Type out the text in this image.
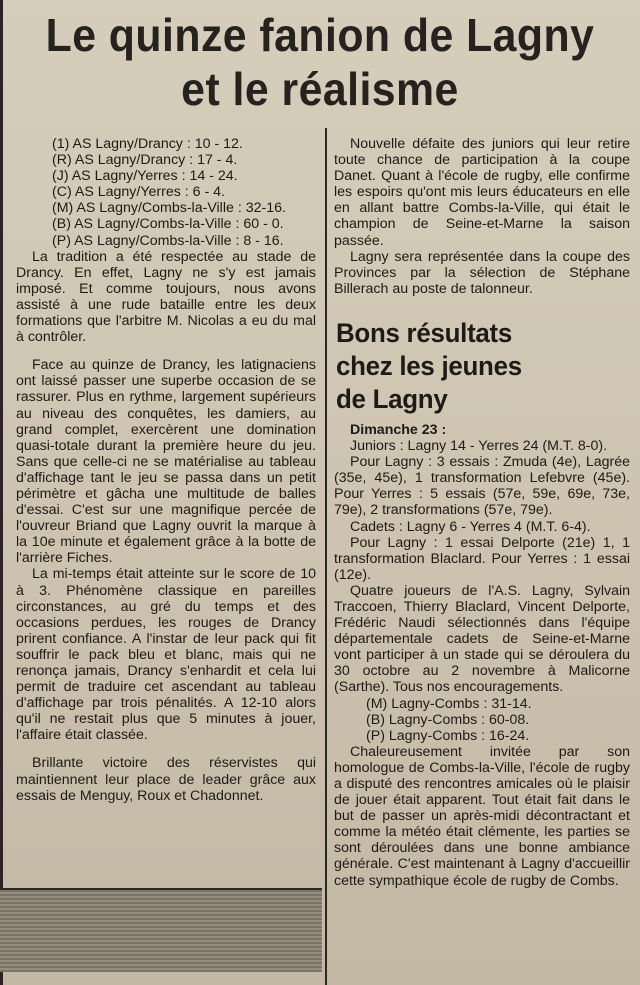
Le quinze fanion de Lagny
et le réalisme
(1) AS Lagny/Drancy : 10 - 12.
(R) AS Lagny/Drancy : 17 - 4.
(J) AS Lagny/Yerres : 14 - 24.
(C) AS Lagny/Yerres : 6 - 4.
(M) AS Lagny/Combs-la-Ville : 32-16.
(B) AS Lagny/Combs-la-Ville : 60 - 0.
(P) AS Lagny/Combs-la-Ville : 8 - 16.

La tradition a été respectée au stade de Drancy. En effet, Lagny ne s'y est jamais imposé. Et comme toujours, nous avons assisté à une rude bataille entre les deux formations que l'arbitre M. Nicolas a eu du mal à contrôler.

Face au quinze de Drancy, les latignaciens ont laissé passer une superbe occasion de se rassurer. Plus en rythme, largement supérieurs au niveau des conquêtes, les damiers, au grand complet, exercèrent une domination quasi-totale durant la première heure du jeu. Sans que celle-ci ne se matérialise au tableau d'affichage tant le jeu se passa dans un petit périmètre et gâcha une multitude de balles d'essai. C'est sur une magnifique percée de l'ouvreur Briand que Lagny ouvrit la marque à la 10e minute et également grâce à la botte de l'arrière Fiches.

La mi-temps était atteinte sur le score de 10 à 3. Phénomène classique en pareilles circonstances, au gré du temps et des occasions perdues, les rouges de Drancy prirent confiance. A l'instar de leur pack qui fit souffrir le pack bleu et blanc, mais qui ne renonça jamais, Drancy s'enhardit et cela lui permit de traduire cet ascendant au tableau d'affichage par trois pénalités. A 12-10 alors qu'il ne restait plus que 5 minutes à jouer, l'affaire était classée.

Brillante victoire des réservistes qui maintiennent leur place de leader grâce aux essais de Menguy, Roux et Chadonnet.

Nouvelle défaite des juniors qui leur retire toute chance de participation à la coupe Danet. Quant à l'école de rugby, elle confirme les espoirs qu'ont mis leurs éducateurs en elle en allant battre Combs-la-Ville, qui était le champion de Seine-et-Marne la saison passée.

Lagny sera représentée dans la coupe des Provinces par la sélection de Stéphane Billerach au poste de talonneur.

Bons résultats
chez les jeunes
de Lagny

Dimanche 23 :

Juniors : Lagny 14 - Yerres 24 (M.T. 8-0).

Pour Lagny : 3 essais : Zmuda (4e), Lagrée (35e, 45e), 1 transformation Lefebvre (45e). Pour Yerres : 5 essais (57e, 59e, 69e, 73e, 79e), 2 transformations (57e, 79e).

Cadets : Lagny 6 - Yerres 4 (M.T. 6-4).

Pour Lagny : 1 essai Delporte (21e) 1, 1 transformation Blaclard. Pour Yerres : 1 essai (12e).

Quatre joueurs de l'A.S. Lagny, Sylvain Traccoen, Thierry Blaclard, Vincent Delporte, Frédéric Naudi sélectionnés dans l'équipe départementale cadets de Seine-et-Marne vont participer à un stade qui se déroulera du 30 octobre au 2 novembre à Malicorne (Sarthe). Tous nos encouragements.

(M) Lagny-Combs : 31-14.
(B) Lagny-Combs : 60-08.
(P) Lagny-Combs : 16-24.

Chaleureusement invitée par son homologue de Combs-la-Ville, l'école de rugby a disputé des rencontres amicales où le plaisir de jouer était apparent. Tout était fait dans le but de passer un après-midi décontractant et comme la météo était clémente, les parties se sont déroulées dans une bonne ambiance générale. C'est maintenant à Lagny d'accueillir cette sympathique école de rugby de Combs.
